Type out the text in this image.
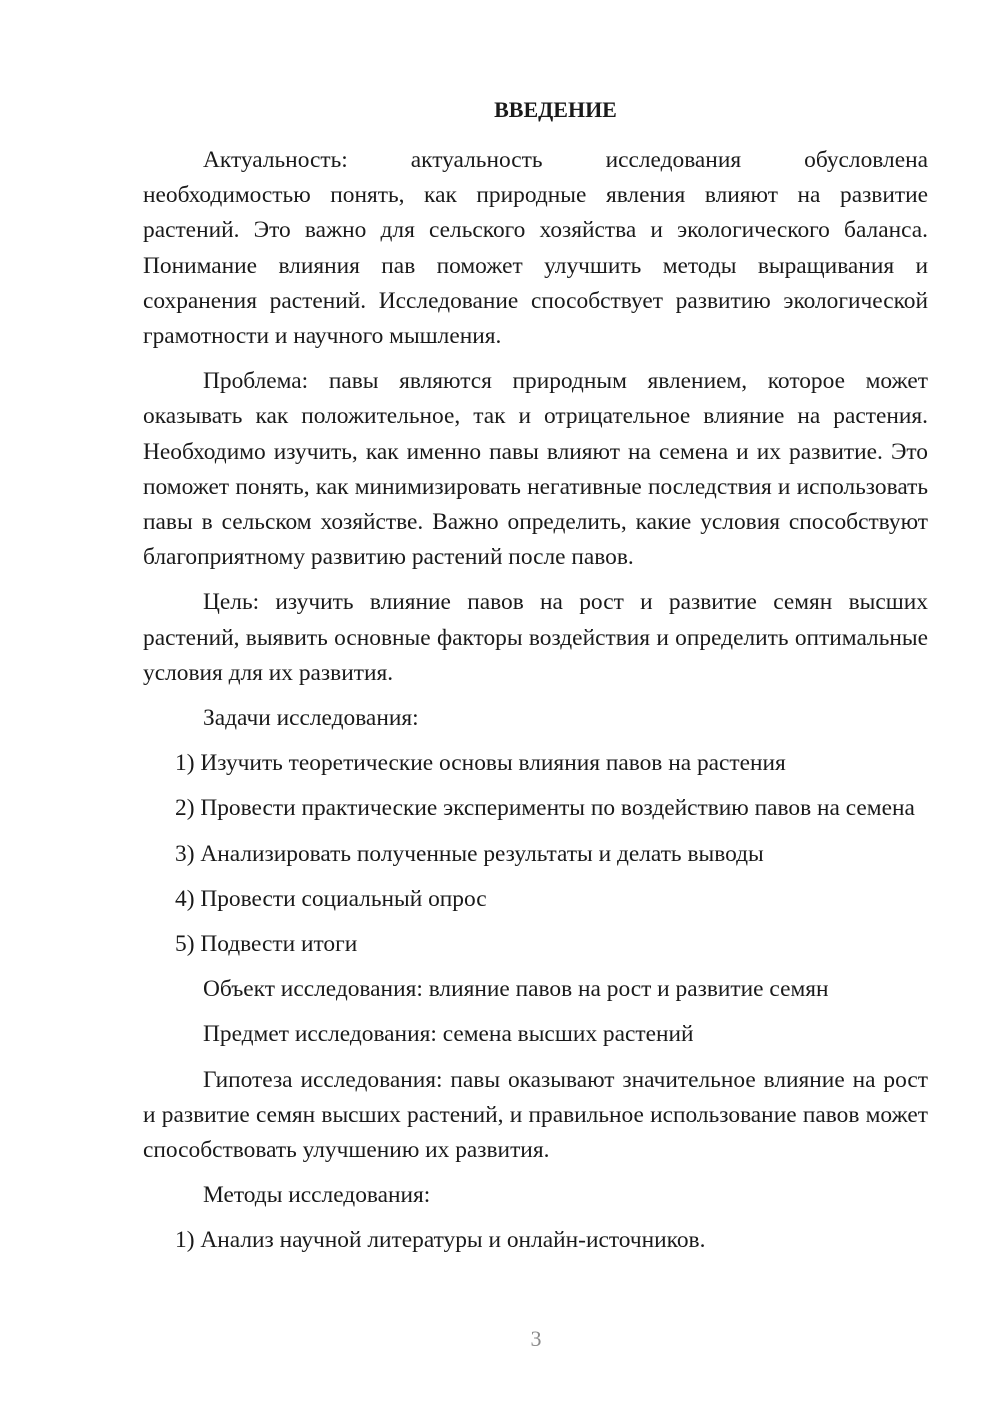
ВВЕДЕНИЕ

Актуальность: актуальность исследования обусловлена необходимостью понять, как природные явления влияют на развитие растений. Это важно для сельского хозяйства и экологического баланса. Понимание влияния пав поможет улучшить методы выращивания и сохранения растений. Исследование способствует развитию экологической грамотности и научного мышления.

Проблема: павы являются природным явлением, которое может оказывать как положительное, так и отрицательное влияние на растения. Необходимо изучить, как именно павы влияют на семена и их развитие. Это поможет понять, как минимизировать негативные последствия и использовать павы в сельском хозяйстве. Важно определить, какие условия способствуют благоприятному развитию растений после павов.

Цель: изучить влияние павов на рост и развитие семян высших растений, выявить основные факторы воздействия и определить оптимальные условия для их развития.

Задачи исследования:

1) Изучить теоретические основы влияния павов на растения

2) Провести практические эксперименты по воздействию павов на семена

3) Анализировать полученные результаты и делать выводы

4) Провести социальный опрос

5) Подвести итоги

Объект исследования: влияние павов на рост и развитие семян

Предмет исследования: семена высших растений

Гипотеза исследования: павы оказывают значительное влияние на рост и развитие семян высших растений, и правильное использование павов может способствовать улучшению их развития.

Методы исследования:

1) Анализ научной литературы и онлайн-источников.

3
